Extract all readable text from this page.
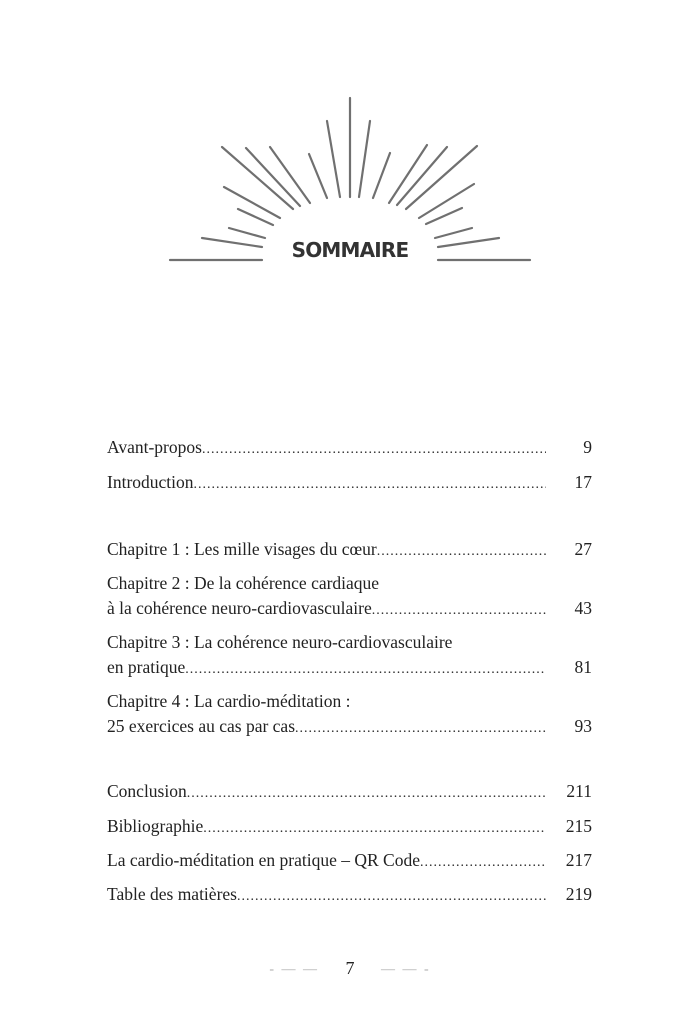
SOMMAIRE
Avant-propos .....	9
Introduction .....	17
Chapitre 1 : Les mille visages du cœur .....	27
Chapitre 2 : De la cohérence cardiaque
à la cohérence neuro-cardiovasculaire .....	43
Chapitre 3 : La cohérence neuro-cardiovasculaire
en pratique .....	81
Chapitre 4 : La cardio-méditation :
25 exercices au cas par cas .....	93
Conclusion .....	211
Bibliographie .....	215
La cardio-méditation en pratique – QR Code .....	217
Table des matières .....	219
- — — 7 — — -
